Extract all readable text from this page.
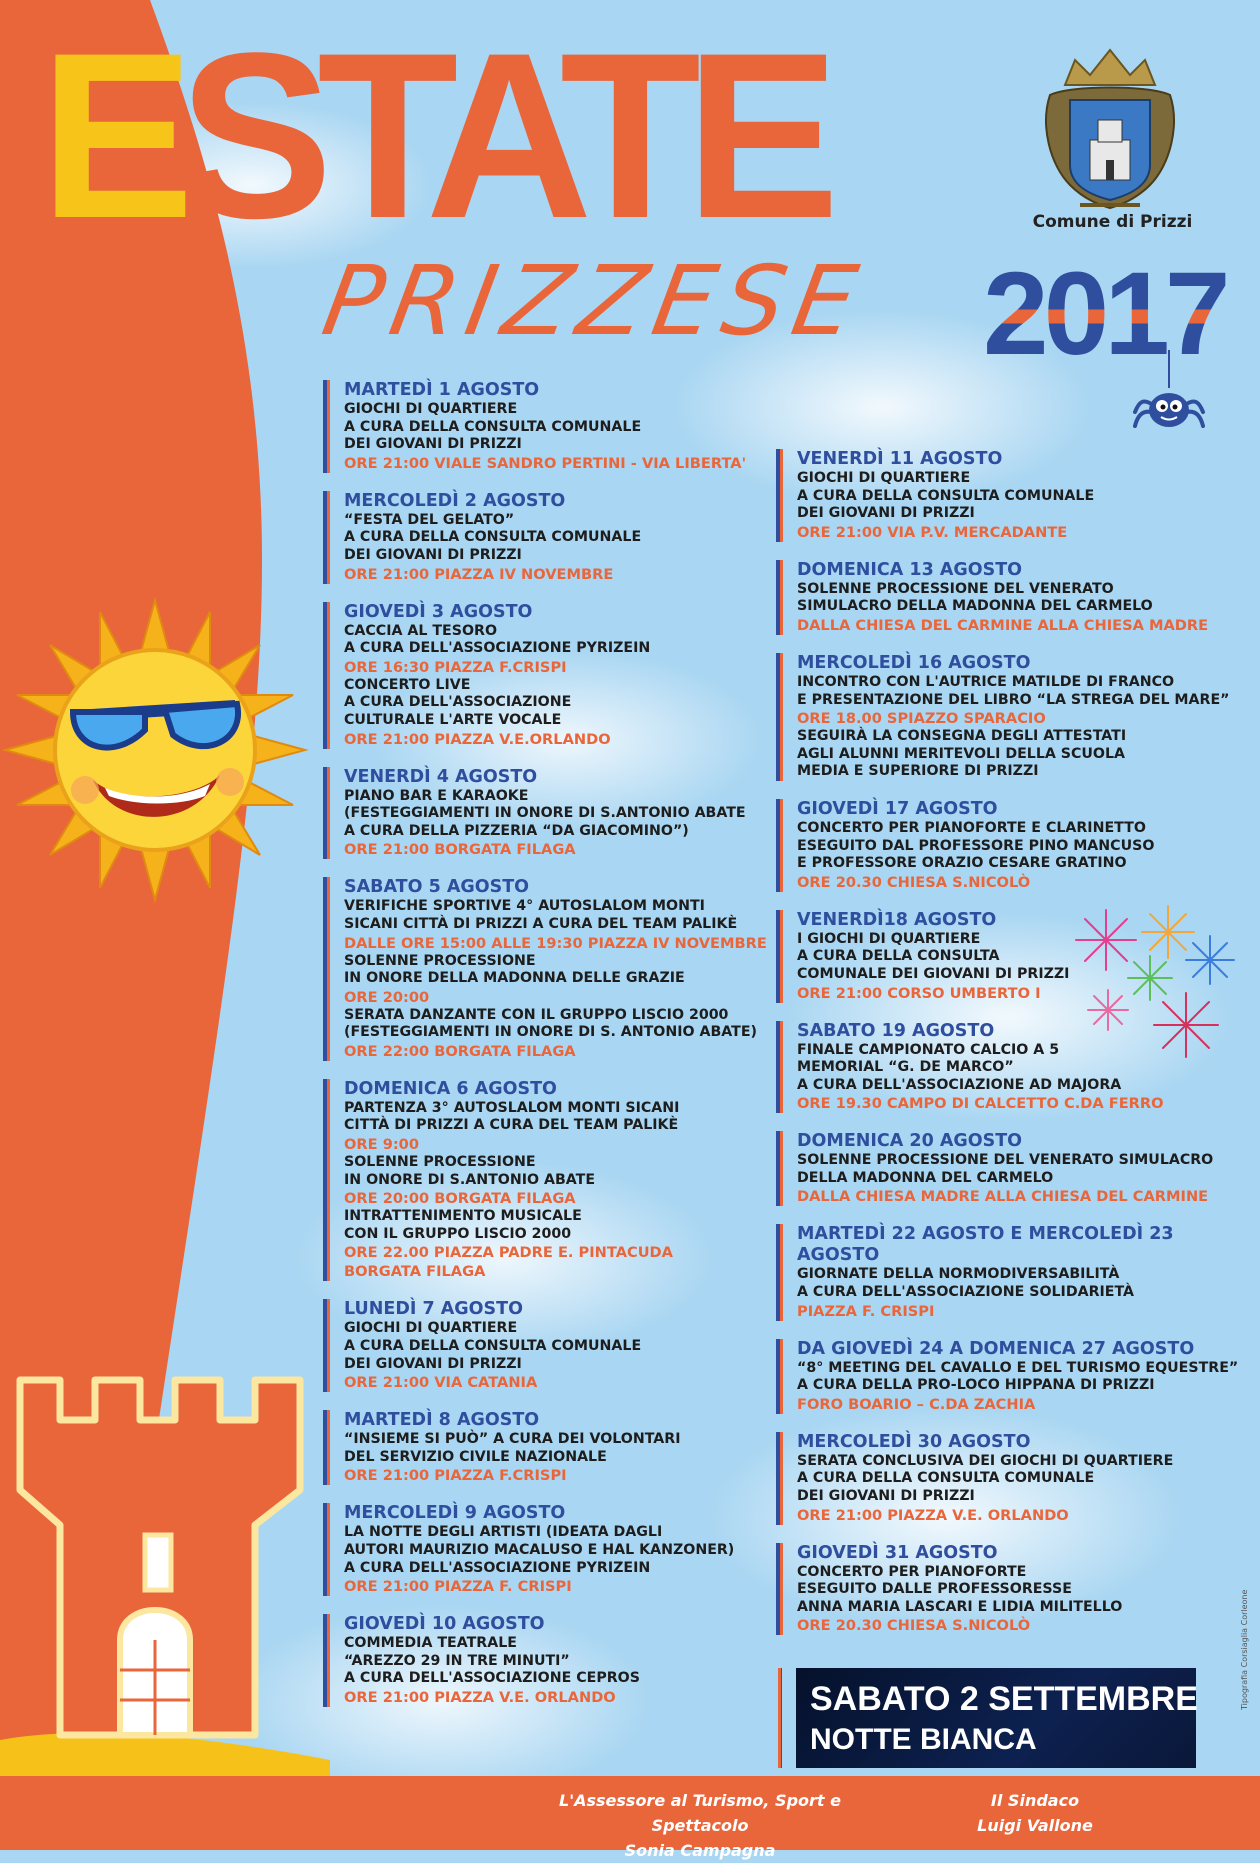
ESTATE
PRIZZESE 2017
Comune di Prizzi
MARTEDÌ 1 AGOSTO
GIOCHI DI QUARTIERE
A CURA DELLA CONSULTA COMUNALE
DEI GIOVANI DI PRIZZI
ORE 21:00 VIALE SANDRO PERTINI - VIA LIBERTA'
MERCOLEDÌ 2 AGOSTO
“FESTA DEL GELATO”
A CURA DELLA CONSULTA COMUNALE
DEI GIOVANI DI PRIZZI
ORE 21:00 PIAZZA IV NOVEMBRE
GIOVEDÌ 3 AGOSTO
CACCIA AL TESORO
A CURA DELL'ASSOCIAZIONE PYRIZEIN
ORE 16:30 PIAZZA F.CRISPI
CONCERTO LIVE
A CURA DELL'ASSOCIAZIONE
CULTURALE L'ARTE VOCALE
ORE 21:00 PIAZZA V.E.ORLANDO
VENERDÌ 4 AGOSTO
PIANO BAR E KARAOKE
(FESTEGGIAMENTI IN ONORE DI S.ANTONIO ABATE
A CURA DELLA PIZZERIA “DA GIACOMINO”)
ORE 21:00 BORGATA FILAGA
SABATO 5 AGOSTO
VERIFICHE SPORTIVE 4° AUTOSLALOM MONTI
SICANI CITTÀ DI PRIZZI A CURA DEL TEAM PALIKÈ
DALLE ORE 15:00 ALLE 19:30 PIAZZA IV NOVEMBRE
SOLENNE PROCESSIONE
IN ONORE DELLA MADONNA DELLE GRAZIE
ORE 20:00
SERATA DANZANTE CON IL GRUPPO LISCIO 2000
(FESTEGGIAMENTI IN ONORE DI S. ANTONIO ABATE)
ORE 22:00 BORGATA FILAGA
DOMENICA 6 AGOSTO
PARTENZA 3° AUTOSLALOM MONTI SICANI
CITTÀ DI PRIZZI A CURA DEL TEAM PALIKÈ
ORE 9:00
SOLENNE PROCESSIONE
IN ONORE DI S.ANTONIO ABATE
ORE 20:00 BORGATA FILAGA
INTRATTENIMENTO MUSICALE
CON IL GRUPPO LISCIO 2000
ORE 22.00 PIAZZA PADRE E. PINTACUDA
BORGATA FILAGA
LUNEDÌ 7 AGOSTO
GIOCHI DI QUARTIERE
A CURA DELLA CONSULTA COMUNALE
DEI GIOVANI DI PRIZZI
ORE 21:00 VIA CATANIA
MARTEDÌ 8 AGOSTO
“INSIEME SI PUÒ” A CURA DEI VOLONTARI
DEL SERVIZIO CIVILE NAZIONALE
ORE 21:00 PIAZZA F.CRISPI
MERCOLEDÌ 9 AGOSTO
LA NOTTE DEGLI ARTISTI (IDEATA DAGLI
AUTORI MAURIZIO MACALUSO E HAL KANZONER)
A CURA DELL'ASSOCIAZIONE PYRIZEIN
ORE 21:00 PIAZZA F. CRISPI
GIOVEDÌ 10 AGOSTO
COMMEDIA TEATRALE
“AREZZO 29 IN TRE MINUTI”
A CURA DELL'ASSOCIAZIONE CEPROS
ORE 21:00 PIAZZA V.E. ORLANDO
VENERDÌ 11 AGOSTO
GIOCHI DI QUARTIERE
A CURA DELLA CONSULTA COMUNALE
DEI GIOVANI DI PRIZZI
ORE 21:00 VIA P.V. MERCADANTE
DOMENICA 13 AGOSTO
SOLENNE PROCESSIONE DEL VENERATO
SIMULACRO DELLA MADONNA DEL CARMELO
DALLA CHIESA DEL CARMINE ALLA CHIESA MADRE
MERCOLEDÌ 16 AGOSTO
INCONTRO CON L'AUTRICE MATILDE DI FRANCO
E PRESENTAZIONE DEL LIBRO “LA STREGA DEL MARE”
ORE 18.00 SPIAZZO SPARACIO
SEGUIRÀ LA CONSEGNA DEGLI ATTESTATI
AGLI ALUNNI MERITEVOLI DELLA SCUOLA
MEDIA E SUPERIORE DI PRIZZI
GIOVEDÌ 17 AGOSTO
CONCERTO PER PIANOFORTE E CLARINETTO
ESEGUITO DAL PROFESSORE PINO MANCUSO
E PROFESSORE ORAZIO CESARE GRATINO
ORE 20.30 CHIESA S.NICOLÒ
VENERDÌ18 AGOSTO
I GIOCHI DI QUARTIERE
A CURA DELLA CONSULTA
COMUNALE DEI GIOVANI DI PRIZZI
ORE 21:00 CORSO UMBERTO I
SABATO 19 AGOSTO
FINALE CAMPIONATO CALCIO A 5
MEMORIAL “G. DE MARCO”
A CURA DELL'ASSOCIAZIONE AD MAJORA
ORE 19.30 CAMPO DI CALCETTO C.DA FERRO
DOMENICA 20 AGOSTO
SOLENNE PROCESSIONE DEL VENERATO SIMULACRO
DELLA MADONNA DEL CARMELO
DALLA CHIESA MADRE ALLA CHIESA DEL CARMINE
MARTEDÌ 22 AGOSTO E MERCOLEDÌ 23 AGOSTO
GIORNATE DELLA NORMODIVERSABILITÀ
A CURA DELL'ASSOCIAZIONE SOLIDARIETÀ
PIAZZA F. CRISPI
DA GIOVEDÌ 24 A DOMENICA 27 AGOSTO
“8° MEETING DEL CAVALLO E DEL TURISMO EQUESTRE”
A CURA DELLA PRO-LOCO HIPPANA DI PRIZZI
FORO BOARIO – C.DA ZACHIA
MERCOLEDÌ 30 AGOSTO
SERATA CONCLUSIVA DEI GIOCHI DI QUARTIERE
A CURA DELLA CONSULTA COMUNALE
DEI GIOVANI DI PRIZZI
ORE 21:00 PIAZZA V.E. ORLANDO
GIOVEDÌ 31 AGOSTO
CONCERTO PER PIANOFORTE
ESEGUITO DALLE PROFESSORESSE
ANNA MARIA LASCARI E LIDIA MILITELLO
ORE 20.30 CHIESA S.NICOLÒ
SABATO 2 SETTEMBRE
NOTTE BIANCA
L'Assessore al Turismo, Sport e Spettacolo
Sonia Campagna
Il Sindaco
Luigi Vallone
Tipografia Corsiaglia Corleone
